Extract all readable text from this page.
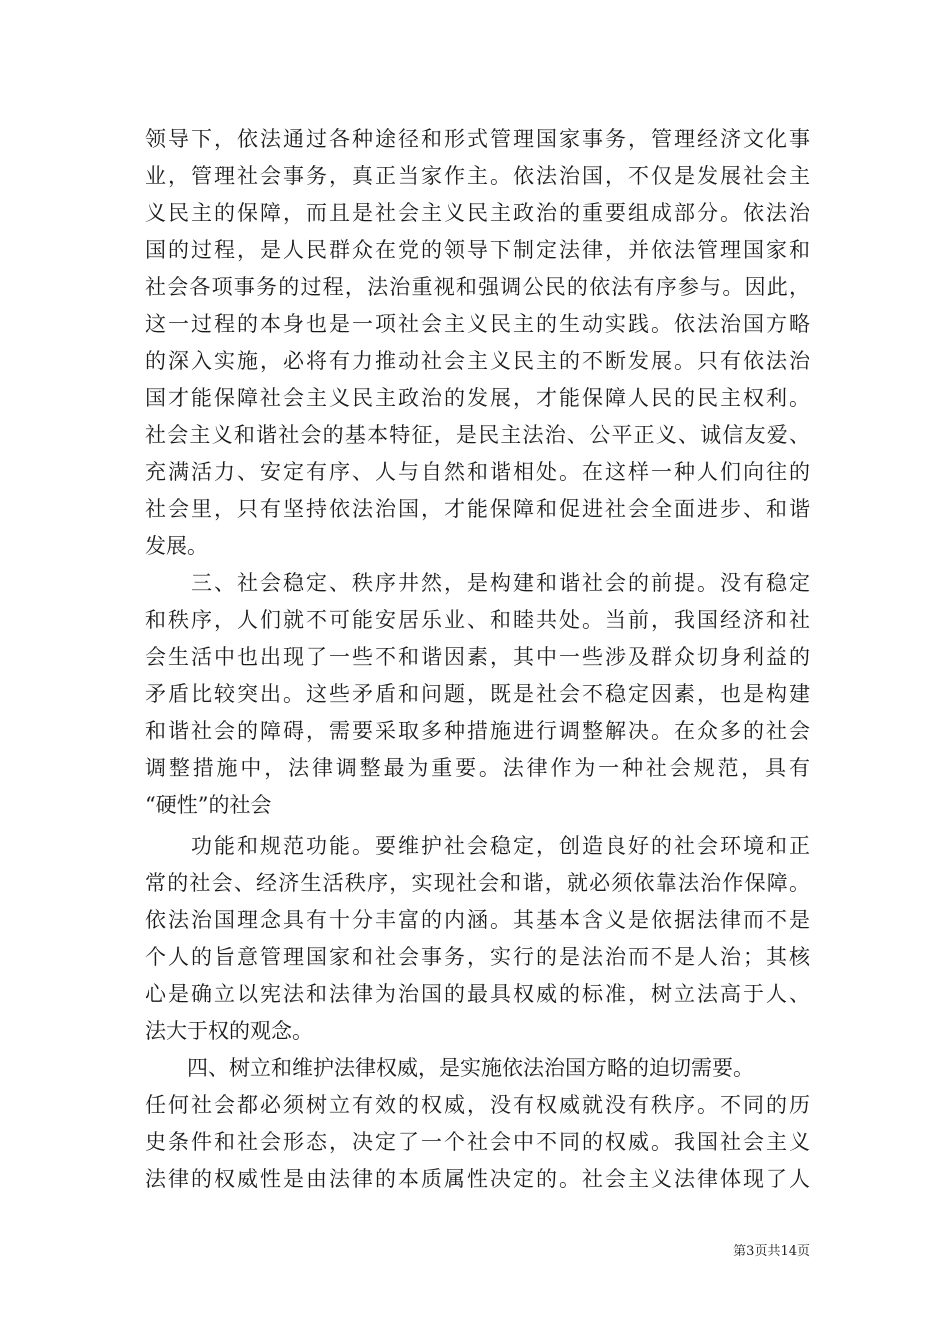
领导下，依法通过各种途径和形式管理国家事务，管理经济文化事
业，管理社会事务，真正当家作主。依法治国，不仅是发展社会主
义民主的保障，而且是社会主义民主政治的重要组成部分。依法治
国的过程，是人民群众在党的领导下制定法律，并依法管理国家和
社会各项事务的过程，法治重视和强调公民的依法有序参与。因此，
这一过程的本身也是一项社会主义民主的生动实践。依法治国方略
的深入实施，必将有力推动社会主义民主的不断发展。只有依法治
国才能保障社会主义民主政治的发展，才能保障人民的民主权利。
社会主义和谐社会的基本特征，是民主法治、公平正义、诚信友爱、
充满活力、安定有序、人与自然和谐相处。在这样一种人们向往的
社会里，只有坚持依法治国，才能保障和促进社会全面进步、和谐
发展。
　　三、社会稳定、秩序井然，是构建和谐社会的前提。没有稳定
和秩序，人们就不可能安居乐业、和睦共处。当前，我国经济和社
会生活中也出现了一些不和谐因素，其中一些涉及群众切身利益的
矛盾比较突出。这些矛盾和问题，既是社会不稳定因素，也是构建
和谐社会的障碍，需要采取多种措施进行调整解决。在众多的社会
调整措施中，法律调整最为重要。法律作为一种社会规范，具有
“硬性”的社会
　　功能和规范功能。要维护社会稳定，创造良好的社会环境和正
常的社会、经济生活秩序，实现社会和谐，就必须依靠法治作保障。
依法治国理念具有十分丰富的内涵。其基本含义是依据法律而不是
个人的旨意管理国家和社会事务，实行的是法治而不是人治；其核
心是确立以宪法和法律为治国的最具权威的标准，树立法高于人、
法大于权的观念。
　　四、树立和维护法律权威，是实施依法治国方略的迫切需要。
任何社会都必须树立有效的权威，没有权威就没有秩序。不同的历
史条件和社会形态，决定了一个社会中不同的权威。我国社会主义
法律的权威性是由法律的本质属性决定的。社会主义法律体现了人
第3页共14页
